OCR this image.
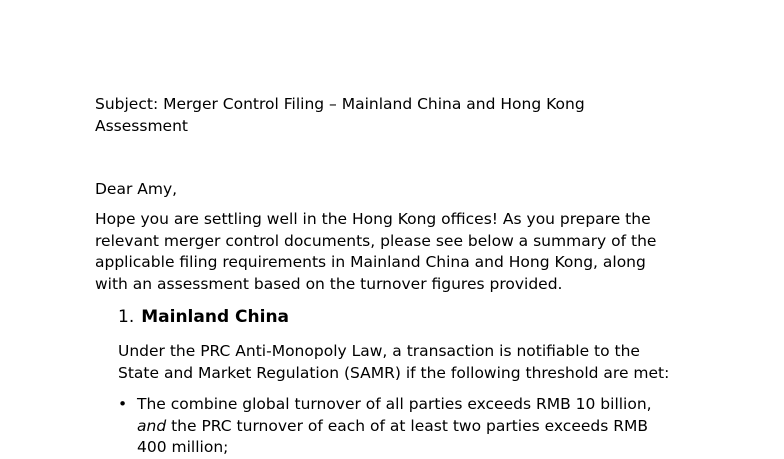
Subject: Merger Control Filing – Mainland China and Hong Kong
Assessment

Dear Amy,

Hope you are settling well in the Hong Kong offices! As you prepare the
relevant merger control documents, please see below a summary of the
applicable filing requirements in Mainland China and Hong Kong, along
with an assessment based on the turnover figures provided.

1. Mainland China

Under the PRC Anti-Monopoly Law, a transaction is notifiable to the
State and Market Regulation (SAMR) if the following threshold are met:

• The combine global turnover of all parties exceeds RMB 10 billion,
and the PRC turnover of each of at least two parties exceeds RMB
400 million;
